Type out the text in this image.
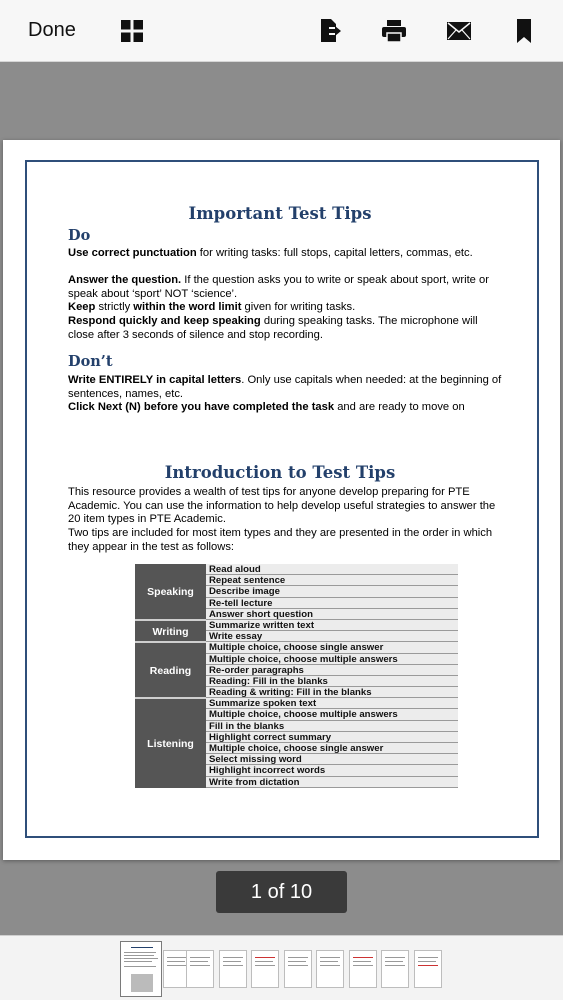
Done
Important Test Tips
Do
Use correct punctuation for writing tasks: full stops, capital letters, commas, etc.
Answer the question. If the question asks you to write or speak about sport, write or speak about ‘sport’ NOT ‘science’.
Keep strictly within the word limit given for writing tasks.
Respond quickly and keep speaking during speaking tasks. The microphone will close after 3 seconds of silence and stop recording.
Don’t
Write ENTIRELY in capital letters. Only use capitals when needed: at the beginning of sentences, names, etc.
Click Next (N) before you have completed the task and are ready to move on
Introduction to Test Tips
This resource provides a wealth of test tips for anyone develop preparing for PTE Academic. You can use the information to help develop useful strategies to answer the 20 item types in PTE Academic.
Two tips are included for most item types and they are presented in the order in which they appear in the test as follows:
Speaking
Writing
Reading
Listening
Read aloud
Repeat sentence
Describe image
Re-tell lecture
Answer short question
Summarize written text
Write essay
Multiple choice, choose single answer
Multiple choice, choose multiple answers
Re-order paragraphs
Reading: Fill in the blanks
Reading & writing: Fill in the blanks
Summarize spoken text
Multiple choice, choose multiple answers
Fill in the blanks
Highlight correct summary
Multiple choice, choose single answer
Select missing word
Highlight incorrect words
Write from dictation
1 of 10
